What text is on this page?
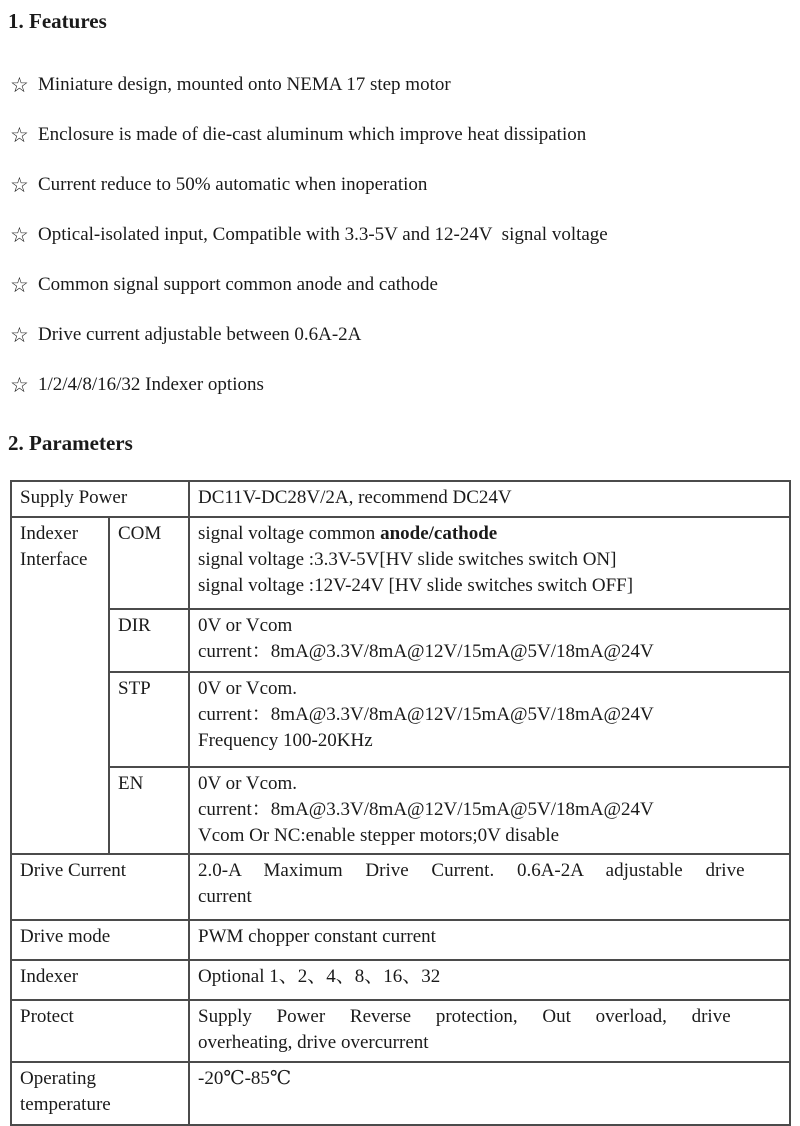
1. Features
☆ Miniature design, mounted onto NEMA 17 step motor
☆ Enclosure is made of die-cast aluminum which improve heat dissipation
☆ Current reduce to 50% automatic when inoperation
☆ Optical-isolated input, Compatible with 3.3-5V and 12-24V  signal voltage
☆ Common signal support common anode and cathode
☆ Drive current adjustable between 0.6A-2A
☆ 1/2/4/8/16/32 Indexer options
2. Parameters
Supply Power		DC11V-DC28V/2A, recommend DC24V
Indexer Interface	COM	signal voltage common anode/cathode
signal voltage :3.3V-5V[HV slide switches switch ON]
signal voltage :12V-24V [HV slide switches switch OFF]

	DIR	0V or Vcom
current：8mA@3.3V/8mA@12V/15mA@5V/18mA@24V

	STP	0V or Vcom.
current：8mA@3.3V/8mA@12V/15mA@5V/18mA@24V
Frequency 100-20KHz

	EN	0V or Vcom.
current：8mA@3.3V/8mA@12V/15mA@5V/18mA@24V
Vcom Or NC:enable stepper motors;0V disable

Drive Current		2.0-A Maximum Drive Current. 0.6A-2A adjustable drive
current

Drive mode		PWM chopper constant current
Indexer		Optional 1、2、4、8、16、32
Protect		Supply Power Reverse protection, Out overload, drive
overheating, drive overcurrent

Operating temperature		-20℃-85℃
